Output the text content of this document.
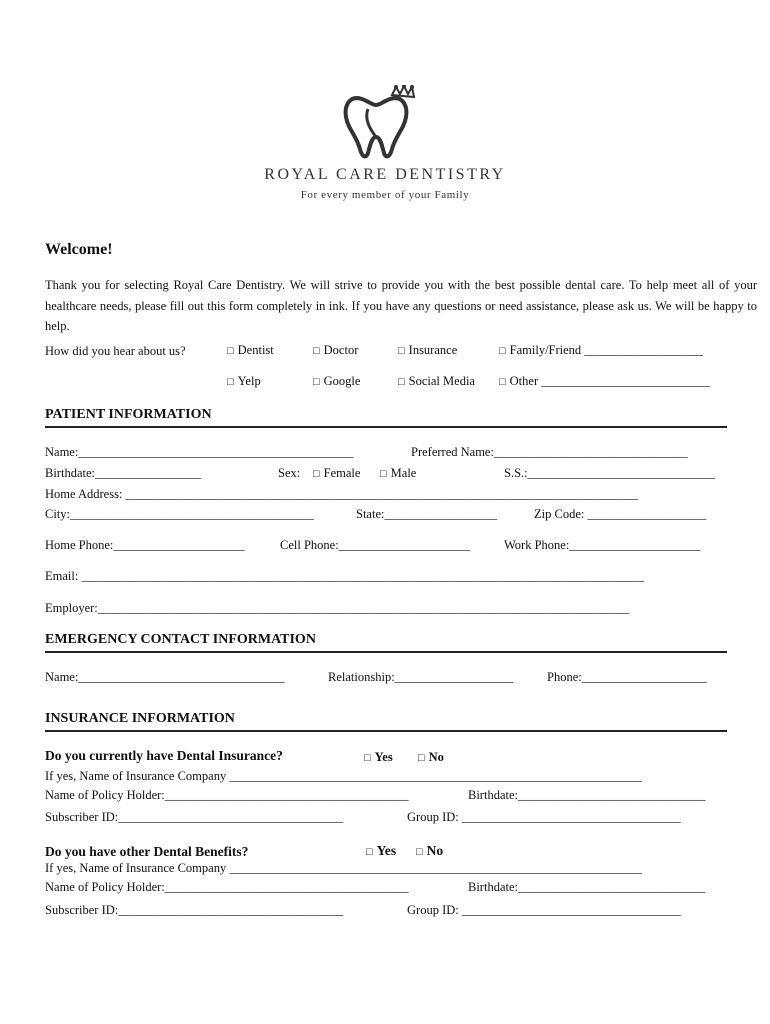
ROYAL CARE DENTISTRY
For every member of your Family
Welcome!
Thank you for selecting Royal Care Dentistry. We will strive to provide you with the best possible dental care. To help meet all of your healthcare needs, please fill out this form completely in ink. If you have any questions or need assistance, please ask us. We will be happy to help.
How did you hear about us?	□ Dentist	□ Doctor	□ Insurance	□ Family/Friend ___________________
□ Yelp	□ Google	□ Social Media □ Other ___________________________
PATIENT INFORMATION
Name:____________________________________________	Preferred Name:_______________________________
Birthdate:_________________	Sex: □ Female □ Male	S.S.:______________________________
Home Address: __________________________________________________________________________________
City:_______________________________________	State:__________________	Zip Code: ___________________
Home Phone:_____________________	Cell Phone:_____________________	Work Phone:_____________________
Email: __________________________________________________________________________________________
Employer:_____________________________________________________________________________________
EMERGENCY CONTACT INFORMATION
Name:_________________________________	Relationship:___________________	Phone:____________________
INSURANCE INFORMATION
Do you currently have Dental Insurance?	□ Yes □ No
If yes, Name of Insurance Company __________________________________________________________________
Name of Policy Holder:_______________________________________	Birthdate:______________________________
Subscriber ID:____________________________________	Group ID: ___________________________________
Do you have other Dental Benefits?	□ Yes □ No
If yes, Name of Insurance Company __________________________________________________________________
Name of Policy Holder:_______________________________________	Birthdate:______________________________
Subscriber ID:____________________________________	Group ID: ___________________________________
